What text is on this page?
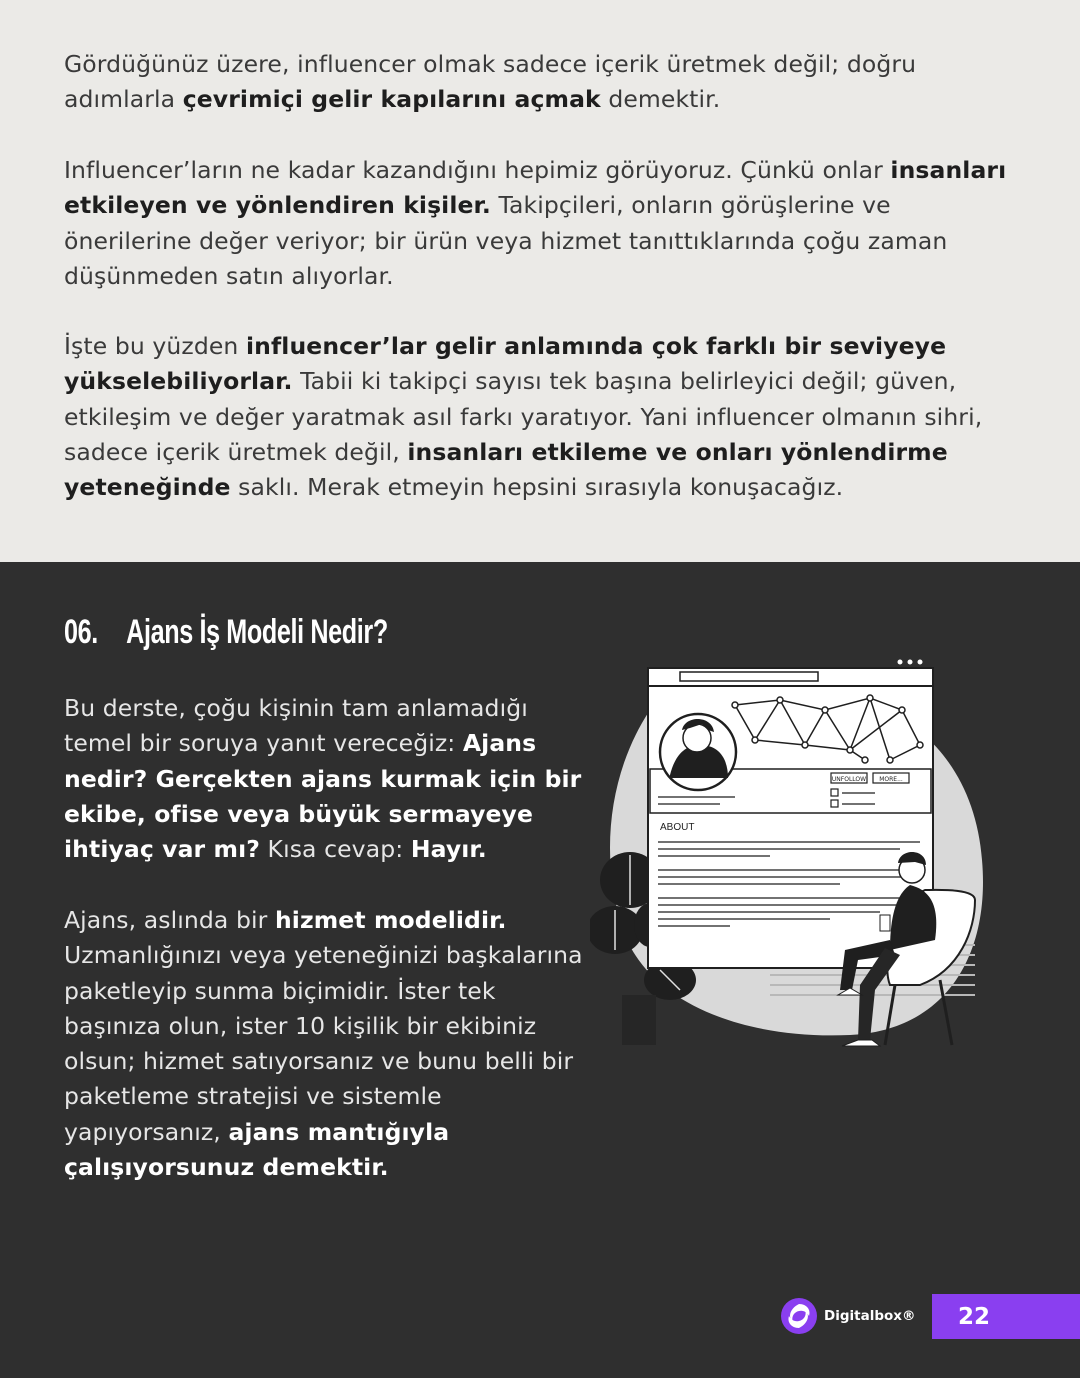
Gördüğünüz üzere, influencer olmak sadece içerik üretmek değil; doğru adımlarla çevrimiçi gelir kapılarını açmak demektir.

Influencer’ların ne kadar kazandığını hepimiz görüyoruz. Çünkü onlar insanları etkileyen ve yönlendiren kişiler. Takipçileri, onların görüşlerine ve önerilerine değer veriyor; bir ürün veya hizmet tanıttıklarında çoğu zaman düşünmeden satın alıyorlar.

İşte bu yüzden influencer’lar gelir anlamında çok farklı bir seviyeye yükselebiliyorlar. Tabii ki takipçi sayısı tek başına belirleyici değil; güven, etkileşim ve değer yaratmak asıl farkı yaratıyor. Yani influencer olmanın sihri, sadece içerik üretmek değil, insanları etkileme ve onları yönlendirme yeteneğinde saklı. Merak etmeyin hepsini sırasıyla konuşacağız.

06. Ajans İş Modeli Nedir?

Bu derste, çoğu kişinin tam anlamadığı temel bir soruya yanıt vereceğiz: Ajans nedir? Gerçekten ajans kurmak için bir ekibe, ofise veya büyük sermayeye ihtiyaç var mı? Kısa cevap: Hayır.

Ajans, aslında bir hizmet modelidir. Uzmanlığınızı veya yeteneğinizi başkalarına paketleyip sunma biçimidir. İster tek başınıza olun, ister 10 kişilik bir ekibiniz olsun; hizmet satıyorsanız ve bunu belli bir paketleme stratejisi ve sistemle yapıyorsanız, ajans mantığıyla çalışıyorsunuz demektir.

UNFOLLOW MORE...
ABOUT
Digitalbox® 22
